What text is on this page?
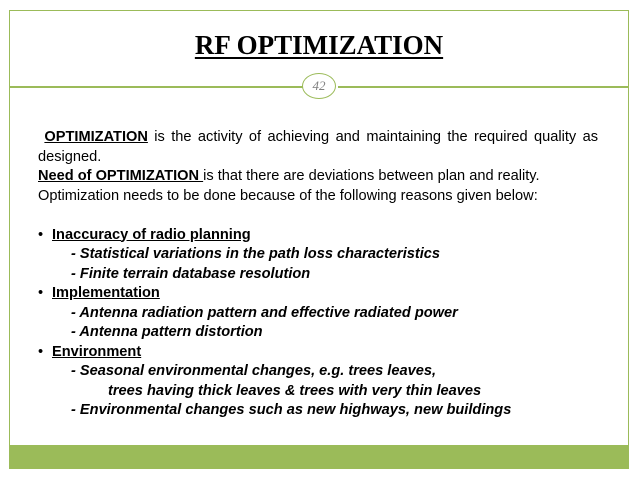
RF OPTIMIZATION
42

OPTIMIZATION is the activity of achieving and maintaining the required quality as designed.

Need of OPTIMIZATION is that there are deviations between plan and reality.

Optimization needs to be done because of the following reasons given below:

• Inaccuracy of radio planning

- Statistical variations in the path loss characteristics

- Finite terrain database resolution

• Implementation

- Antenna radiation pattern and effective radiated power

- Antenna pattern distortion

• Environment

- Seasonal environmental changes, e.g. trees leaves,

trees having thick leaves & trees with very thin leaves

- Environmental changes such as new highways, new buildings
